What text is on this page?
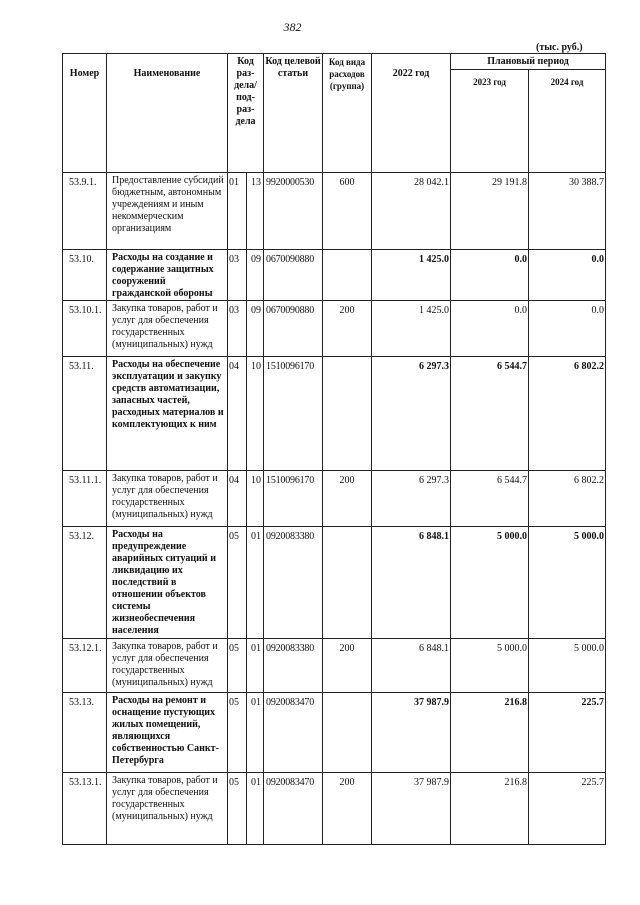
382
(тыс. руб.)
Номер	Наименование	Код раз-дела/ под-раз-дела		Код целевой статьи	Код вида расходов (группа)	2022 год	Плановый период	
							2023 год	2024 год
53.9.1.	Предоставление субсидий бюджетным, автономным учреждениям и иным некоммерческим организациям	01	13	9920000530	600	28 042.1	29 191.8	30 388.7
53.10.	Расходы на создание и содержание защитных сооружений гражданской обороны	03	09	0670090880		1 425.0	0.0	0.0
53.10.1.	Закупка товаров, работ и услуг для обеспечения государственных (муниципальных) нужд	03	09	0670090880	200	1 425.0	0.0	0.0
53.11.	Расходы на обеспечение эксплуатации и закупку средств автоматизации, запасных частей, расходных материалов и комплектующих к ним	04	10	1510096170		6 297.3	6 544.7	6 802.2
53.11.1.	Закупка товаров, работ и услуг для обеспечения государственных (муниципальных) нужд	04	10	1510096170	200	6 297.3	6 544.7	6 802.2
53.12.	Расходы на предупреждение аварийных ситуаций и ликвидацию их последствий в отношении объектов системы жизнеобеспечения населения	05	01	0920083380		6 848.1	5 000.0	5 000.0
53.12.1.	Закупка товаров, работ и услуг для обеспечения государственных (муниципальных) нужд	05	01	0920083380	200	6 848.1	5 000.0	5 000.0
53.13.	Расходы на ремонт и оснащение пустующих жилых помещений, являющихся собственностью Санкт-Петербурга	05	01	0920083470		37 987.9	216.8	225.7
53.13.1.	Закупка товаров, работ и услуг для обеспечения государственных (муниципальных) нужд	05	01	0920083470	200	37 987.9	216.8	225.7
